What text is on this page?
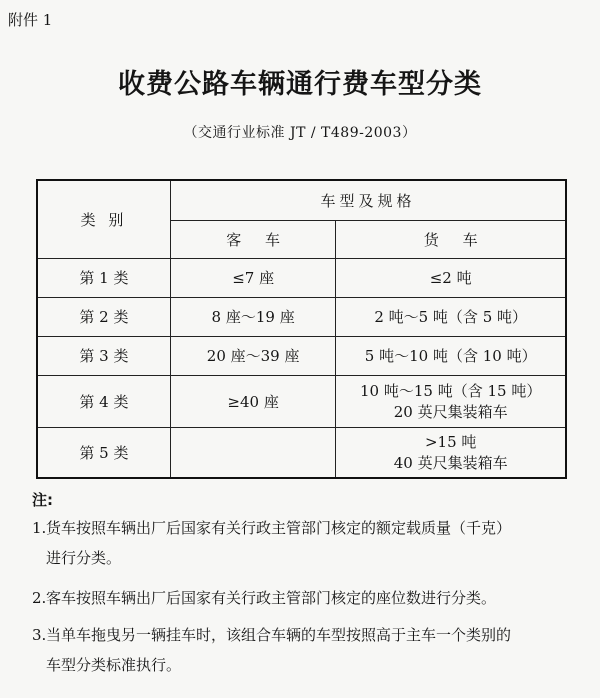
附件 1
收费公路车辆通行费车型分类
（交通行业标准 JT / T489-2003）
类 别	车型及规格	
	客     车	货     车
第 1 类	≤7 座	≤2 吨
第 2 类	8 座～19 座	2 吨～5 吨（含 5 吨）
第 3 类	20 座～39 座	5 吨～10 吨（含 10 吨）
第 4 类	≥40 座	10 吨～15 吨（含 15 吨）
20 英尺集装箱车

第 5 类		>15 吨
40 英尺集装箱车
注:
1.货车按照车辆出厂后国家有关行政主管部门核定的额定载质量（千克）
进行分类。
2.客车按照车辆出厂后国家有关行政主管部门核定的座位数进行分类。
3.当单车拖曳另一辆挂车时，该组合车辆的车型按照高于主车一个类别的
车型分类标准执行。
